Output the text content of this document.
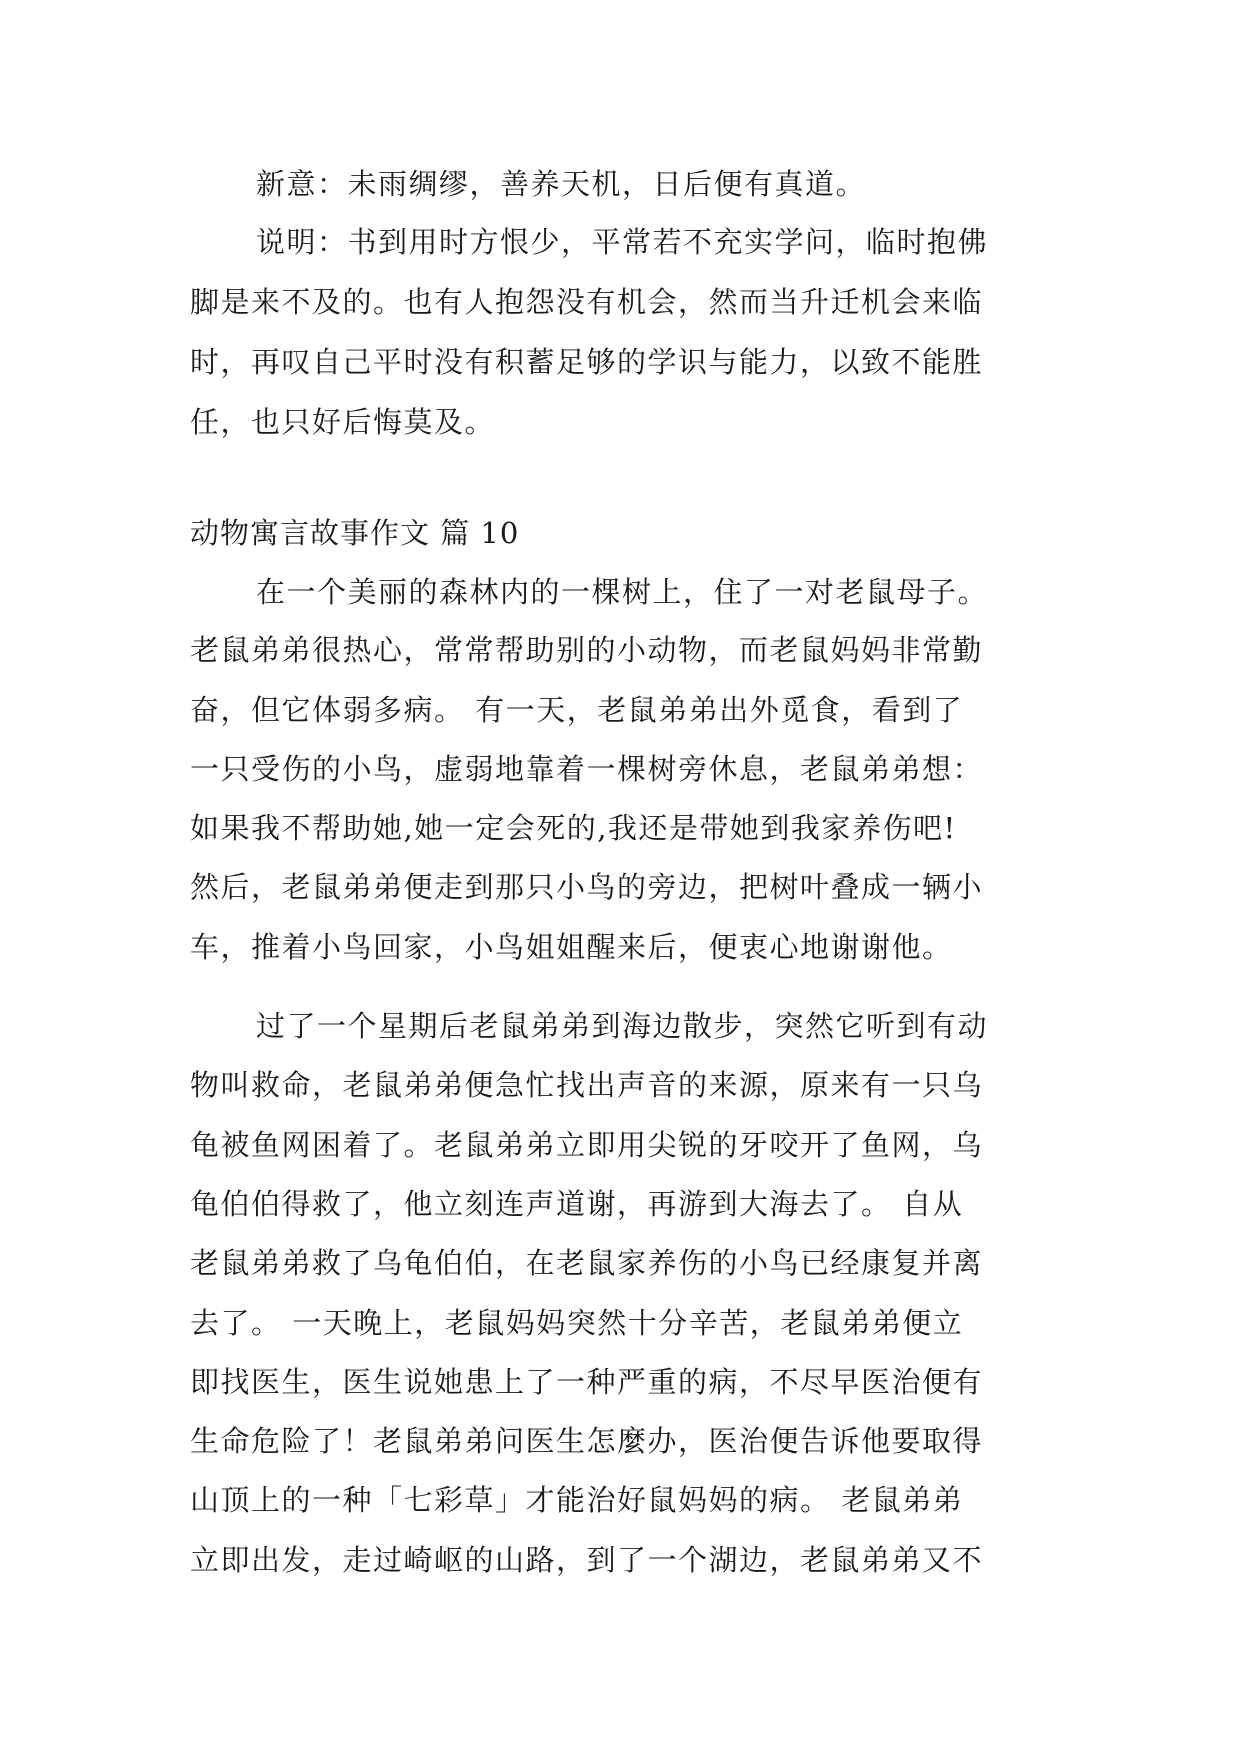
新意：未雨绸缪，善养天机，日后便有真道。
说明：书到用时方恨少，平常若不充实学问，临时抱佛
脚是来不及的。也有人抱怨没有机会，然而当升迁机会来临
时，再叹自己平时没有积蓄足够的学识与能力，以致不能胜
任，也只好后悔莫及。
动物寓言故事作文 篇 10
在一个美丽的森林内的一棵树上，住了一对老鼠母子。
老鼠弟弟很热心，常常帮助别的小动物，而老鼠妈妈非常勤
奋，但它体弱多病。 有一天，老鼠弟弟出外觅食，看到了
一只受伤的小鸟，虚弱地靠着一棵树旁休息，老鼠弟弟想：
如果我不帮助她,她一定会死的,我还是带她到我家养伤吧!
然后，老鼠弟弟便走到那只小鸟的旁边，把树叶叠成一辆小
车，推着小鸟回家，小鸟姐姐醒来后，便衷心地谢谢他。
过了一个星期后老鼠弟弟到海边散步，突然它听到有动
物叫救命，老鼠弟弟便急忙找出声音的来源，原来有一只乌
龟被鱼网困着了。老鼠弟弟立即用尖锐的牙咬开了鱼网，乌
龟伯伯得救了，他立刻连声道谢，再游到大海去了。 自从
老鼠弟弟救了乌龟伯伯，在老鼠家养伤的小鸟已经康复并离
去了。 一天晚上，老鼠妈妈突然十分辛苦，老鼠弟弟便立
即找医生，医生说她患上了一种严重的病，不尽早医治便有
生命危险了！老鼠弟弟问医生怎麼办，医治便告诉他要取得
山顶上的一种「七彩草」才能治好鼠妈妈的病。 老鼠弟弟
立即出发，走过崎岖的山路，到了一个湖边，老鼠弟弟又不
